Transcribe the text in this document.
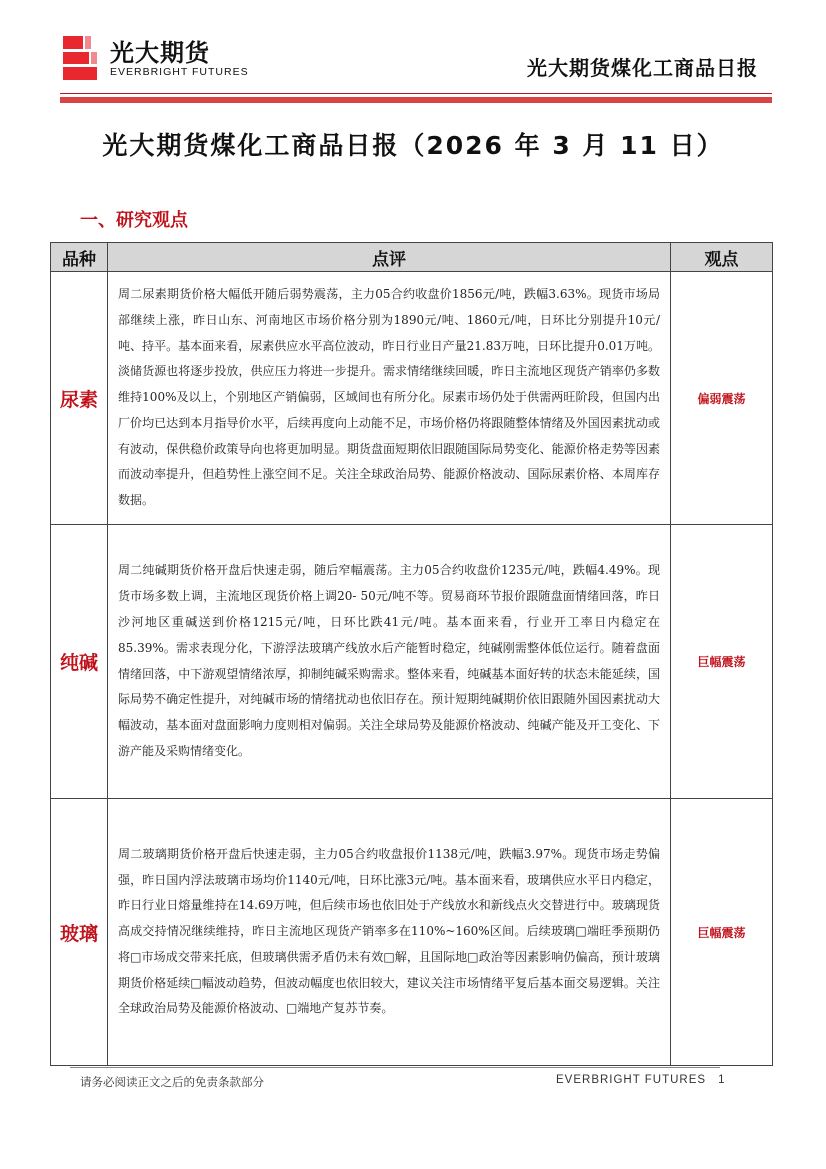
光大期货
EVERBRIGHT FUTURES	光大期货煤化工商品日报
光大期货煤化工商品日报（2026 年 3 月 11 日）
一、研究观点
品种	点评	观点
尿素	周二尿素期货价格大幅低开随后弱势震荡，主力05合约收盘价1856元/吨，跌幅3.63%。现货市场局部继续上涨，昨日山东、河南地区市场价格分别为1890元/吨、1860元/吨，日环比分别提升10元/吨、持平。基本面来看，尿素供应水平高位波动，昨日行业日产量21.83万吨，日环比提升0.01万吨。淡储货源也将逐步投放，供应压力将进一步提升。需求情绪继续回暖，昨日主流地区现货产销率仍多数维持100%及以上，个别地区产销偏弱，区域间也有所分化。尿素市场仍处于供需两旺阶段，但国内出厂价均已达到本月指导价水平，后续再度向上动能不足，市场价格仍将跟随整体情绪及外国因素扰动或有波动，保供稳价政策导向也将更加明显。期货盘面短期依旧跟随国际局势变化、能源价格走势等因素而波动率提升，但趋势性上涨空间不足。关注全球政治局势、能源价格波动、国际尿素价格、本周库存数据。	偏弱震荡
纯碱	周二纯碱期货价格开盘后快速走弱，随后窄幅震荡。主力05合约收盘价1235元/吨，跌幅4.49%。现货市场多数上调，主流地区现货价格上调20- 50元/吨不等。贸易商环节报价跟随盘面情绪回落，昨日沙河地区重碱送到价格1215元/吨，日环比跌41元/吨。基本面来看，行业开工率日内稳定在85.39%。需求表现分化，下游浮法玻璃产线放水后产能暂时稳定，纯碱刚需整体低位运行。随着盘面情绪回落，中下游观望情绪浓厚，抑制纯碱采购需求。整体来看，纯碱基本面好转的状态未能延续，国际局势不确定性提升，对纯碱市场的情绪扰动也依旧存在。预计短期纯碱期价依旧跟随外国因素扰动大幅波动，基本面对盘面影响力度则相对偏弱。关注全球局势及能源价格波动、纯碱产能及开工变化、下游产能及采购情绪变化。	巨幅震荡
玻璃	周二玻璃期货价格开盘后快速走弱，主力05合约收盘报价1138元/吨，跌幅3.97%。现货市场走势偏强，昨日国内浮法玻璃市场均价1140元/吨，日环比涨3元/吨。基本面来看，玻璃供应水平日内稳定，昨日行业日熔量维持在14.69万吨，但后续市场也依旧处于产线放水和新线点火交替进行中。玻璃现货高成交持情况继续维持，昨日主流地区现货产销率多在110%~160%区间。后续玻璃□端旺季预期仍将□市场成交带来托底，但玻璃供需矛盾仍未有效□解，且国际地□政治等因素影响仍偏高，预计玻璃期货价格延续□幅波动趋势，但波动幅度也依旧较大，建议关注市场情绪平复后基本面交易逻辑。关注全球政治局势及能源价格波动、□端地产复苏节奏。	巨幅震荡
请务必阅读正文之后的免责条款部分	EVERBRIGHT FUTURES 1
